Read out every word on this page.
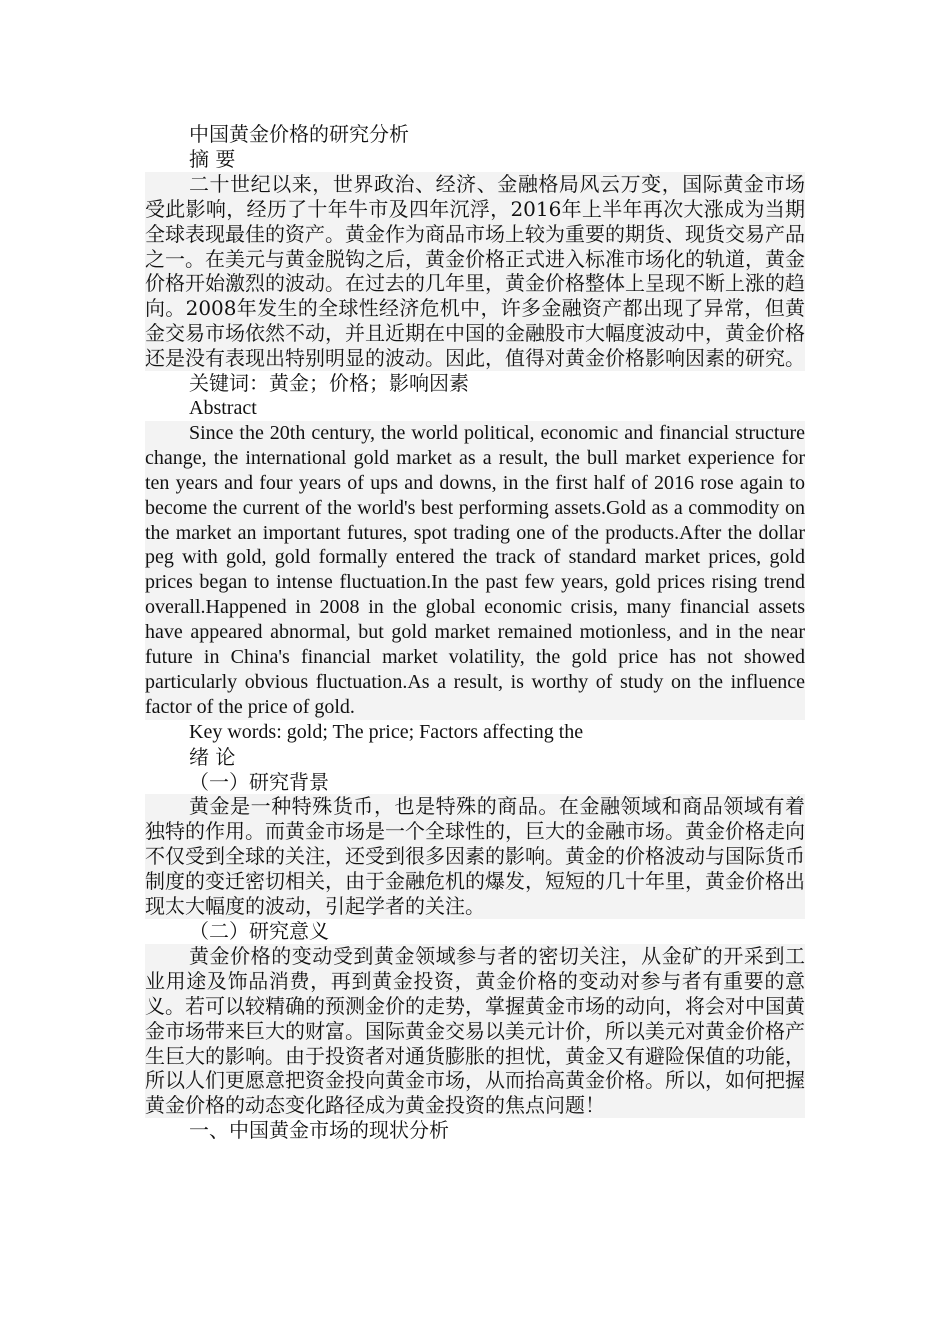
中国黄金价格的研究分析

摘 要

二十世纪以来，世界政治、经济、金融格局风云万变，国际黄金市场受此影响，经历了十年牛市及四年沉浮，2016年上半年再次大涨成为当期全球表现最佳的资产。黄金作为商品市场上较为重要的期货、现货交易产品之一。在美元与黄金脱钩之后，黄金价格正式进入标准市场化的轨道，黄金价格开始激烈的波动。在过去的几年里，黄金价格整体上呈现不断上涨的趋向。2008年发生的全球性经济危机中，许多金融资产都出现了异常，但黄金交易市场依然不动，并且近期在中国的金融股市大幅度波动中，黄金价格还是没有表现出特别明显的波动。因此，值得对黄金价格影响因素的研究。

关键词：黄金；价格；影响因素

Abstract

Since the 20th century, the world political, economic and financial structure change, the international gold market as a result, the bull market experience for ten years and four years of ups and downs, in the first half of 2016 rose again to become the current of the world's best performing assets.Gold as a commodity on the market an important futures, spot trading one of the products.After the dollar peg with gold, gold formally entered the track of standard market prices, gold prices began to intense fluctuation.In the past few years, gold prices rising trend overall.Happened in 2008 in the global economic crisis, many financial assets have appeared abnormal, but gold market remained motionless, and in the near future in China's financial market volatility, the gold price has not showed particularly obvious fluctuation.As a result, is worthy of study on the influence factor of the price of gold.

Key words: gold; The price; Factors affecting the

绪 论

（一）研究背景

黄金是一种特殊货币，也是特殊的商品。在金融领域和商品领域有着独特的作用。而黄金市场是一个全球性的，巨大的金融市场。黄金价格走向不仅受到全球的关注，还受到很多因素的影响。黄金的价格波动与国际货币制度的变迁密切相关，由于金融危机的爆发，短短的几十年里，黄金价格出现太大幅度的波动，引起学者的关注。

（二）研究意义

黄金价格的变动受到黄金领域参与者的密切关注，从金矿的开采到工业用途及饰品消费，再到黄金投资，黄金价格的变动对参与者有重要的意义。若可以较精确的预测金价的走势，掌握黄金市场的动向，将会对中国黄金市场带来巨大的财富。国际黄金交易以美元计价，所以美元对黄金价格产生巨大的影响。由于投资者对通货膨胀的担忧，黄金又有避险保值的功能，所以人们更愿意把资金投向黄金市场，从而抬高黄金价格。所以，如何把握黄金价格的动态变化路径成为黄金投资的焦点问题！

一、中国黄金市场的现状分析
